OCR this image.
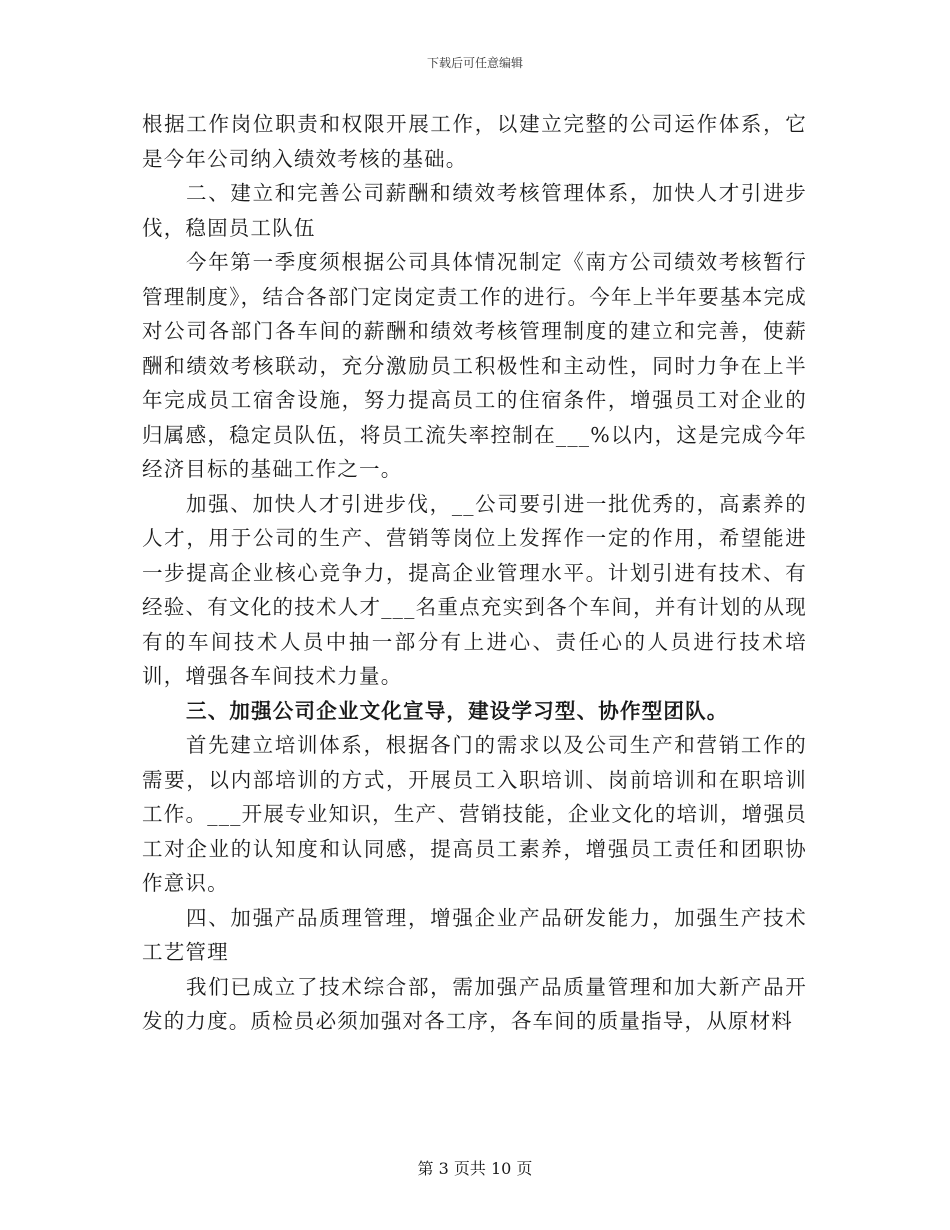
下载后可任意编辑

根据工作岗位职责和权限开展工作，以建立完整的公司运作体系，它是今年公司纳入绩效考核的基础。

二、建立和完善公司薪酬和绩效考核管理体系，加快人才引进步伐，稳固员工队伍

今年第一季度须根据公司具体情况制定《南方公司绩效考核暂行管理制度》，结合各部门定岗定责工作的进行。今年上半年要基本完成对公司各部门各车间的薪酬和绩效考核管理制度的建立和完善，使薪酬和绩效考核联动，充分激励员工积极性和主动性，同时力争在上半年完成员工宿舍设施，努力提高员工的住宿条件，增强员工对企业的归属感，稳定员队伍，将员工流失率控制在___%以内，这是完成今年经济目标的基础工作之一。

加强、加快人才引进步伐，__公司要引进一批优秀的，高素养的人才，用于公司的生产、营销等岗位上发挥作一定的作用，希望能进一步提高企业核心竞争力，提高企业管理水平。计划引进有技术、有经验、有文化的技术人才___名重点充实到各个车间，并有计划的从现有的车间技术人员中抽一部分有上进心、责任心的人员进行技术培训，增强各车间技术力量。

三、加强公司企业文化宣导，建设学习型、协作型团队。

首先建立培训体系，根据各门的需求以及公司生产和营销工作的需要，以内部培训的方式，开展员工入职培训、岗前培训和在职培训工作。___开展专业知识，生产、营销技能，企业文化的培训，增强员工对企业的认知度和认同感，提高员工素养，增强员工责任和团职协作意识。

四、加强产品质理管理，增强企业产品研发能力，加强生产技术工艺管理

我们已成立了技术综合部，需加强产品质量管理和加大新产品开发的力度。质检员必须加强对各工序，各车间的质量指导，从原材料

第 3 页共 10 页
